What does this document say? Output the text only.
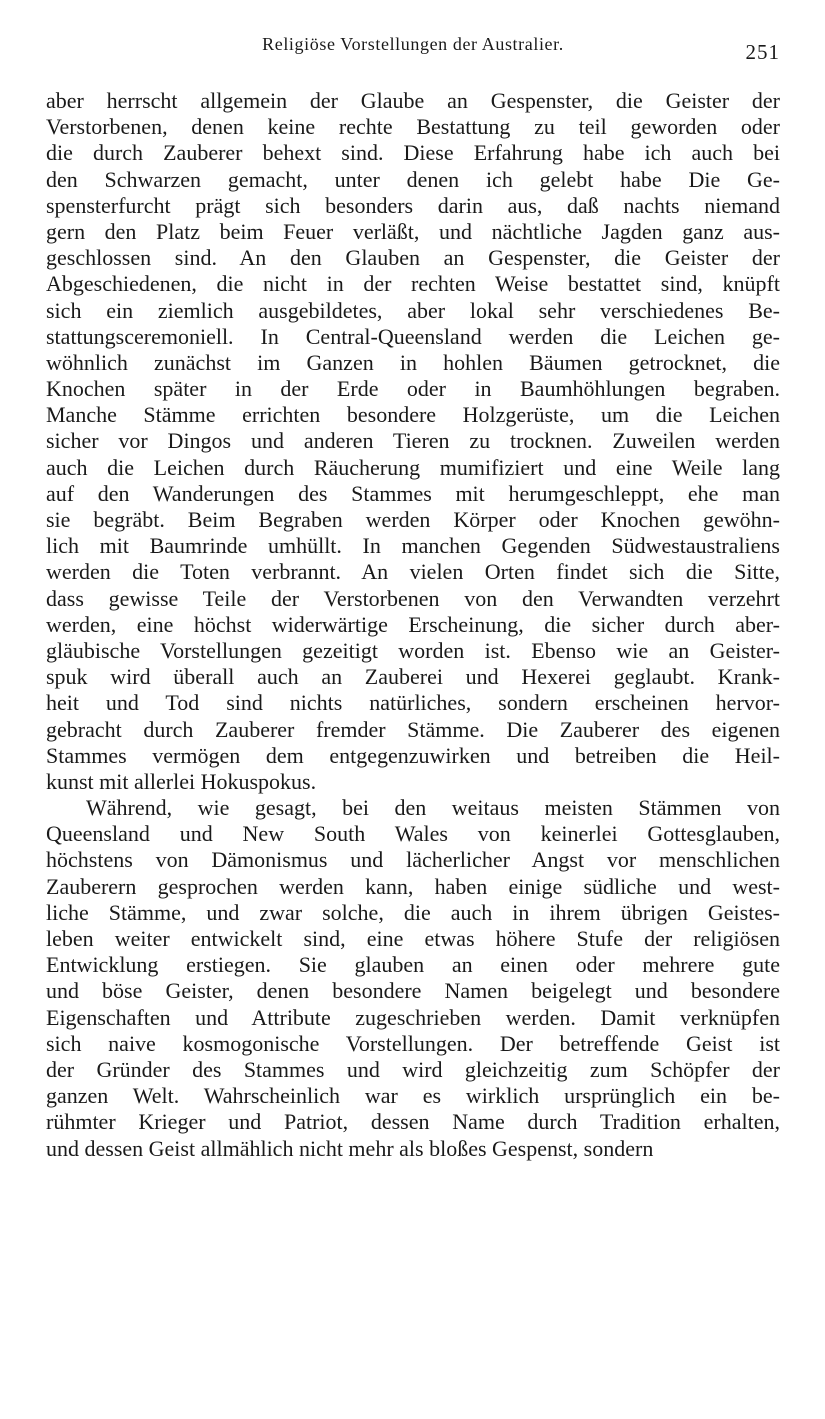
Religiöse Vorstellungen der Australier.	251
aber herrscht allgemein der Glaube an Gespenster, die Geister der
Verstorbenen, denen keine rechte Bestattung zu teil geworden oder
die durch Zauberer behext sind. Diese Erfahrung habe ich auch bei
den Schwarzen gemacht, unter denen ich gelebt habe Die Ge-
spensterfurcht prägt sich besonders darin aus, daß nachts niemand
gern den Platz beim Feuer verläßt, und nächtliche Jagden ganz aus-
geschlossen sind. An den Glauben an Gespenster, die Geister der
Abgeschiedenen, die nicht in der rechten Weise bestattet sind, knüpft
sich ein ziemlich ausgebildetes, aber lokal sehr verschiedenes Be-
stattungsceremoniell. In Central-Queensland werden die Leichen ge-
wöhnlich zunächst im Ganzen in hohlen Bäumen getrocknet, die
Knochen später in der Erde oder in Baumhöhlungen begraben.
Manche Stämme errichten besondere Holzgerüste, um die Leichen
sicher vor Dingos und anderen Tieren zu trocknen. Zuweilen werden
auch die Leichen durch Räucherung mumifiziert und eine Weile lang
auf den Wanderungen des Stammes mit herumgeschleppt, ehe man
sie begräbt. Beim Begraben werden Körper oder Knochen gewöhn-
lich mit Baumrinde umhüllt. In manchen Gegenden Südwestaustraliens
werden die Toten verbrannt. An vielen Orten findet sich die Sitte,
dass gewisse Teile der Verstorbenen von den Verwandten verzehrt
werden, eine höchst widerwärtige Erscheinung, die sicher durch aber-
gläubische Vorstellungen gezeitigt worden ist. Ebenso wie an Geister-
spuk wird überall auch an Zauberei und Hexerei geglaubt. Krank-
heit und Tod sind nichts natürliches, sondern erscheinen hervor-
gebracht durch Zauberer fremder Stämme. Die Zauberer des eigenen
Stammes vermögen dem entgegenzuwirken und betreiben die Heil-
kunst mit allerlei Hokuspokus.
Während, wie gesagt, bei den weitaus meisten Stämmen von
Queensland und New South Wales von keinerlei Gottesglauben,
höchstens von Dämonismus und lächerlicher Angst vor menschlichen
Zauberern gesprochen werden kann, haben einige südliche und west-
liche Stämme, und zwar solche, die auch in ihrem übrigen Geistes-
leben weiter entwickelt sind, eine etwas höhere Stufe der religiösen
Entwicklung erstiegen. Sie glauben an einen oder mehrere gute
und böse Geister, denen besondere Namen beigelegt und besondere
Eigenschaften und Attribute zugeschrieben werden. Damit verknüpfen
sich naive kosmogonische Vorstellungen. Der betreffende Geist ist
der Gründer des Stammes und wird gleichzeitig zum Schöpfer der
ganzen Welt. Wahrscheinlich war es wirklich ursprünglich ein be-
rühmter Krieger und Patriot, dessen Name durch Tradition erhalten,
und dessen Geist allmählich nicht mehr als bloßes Gespenst, sondern
